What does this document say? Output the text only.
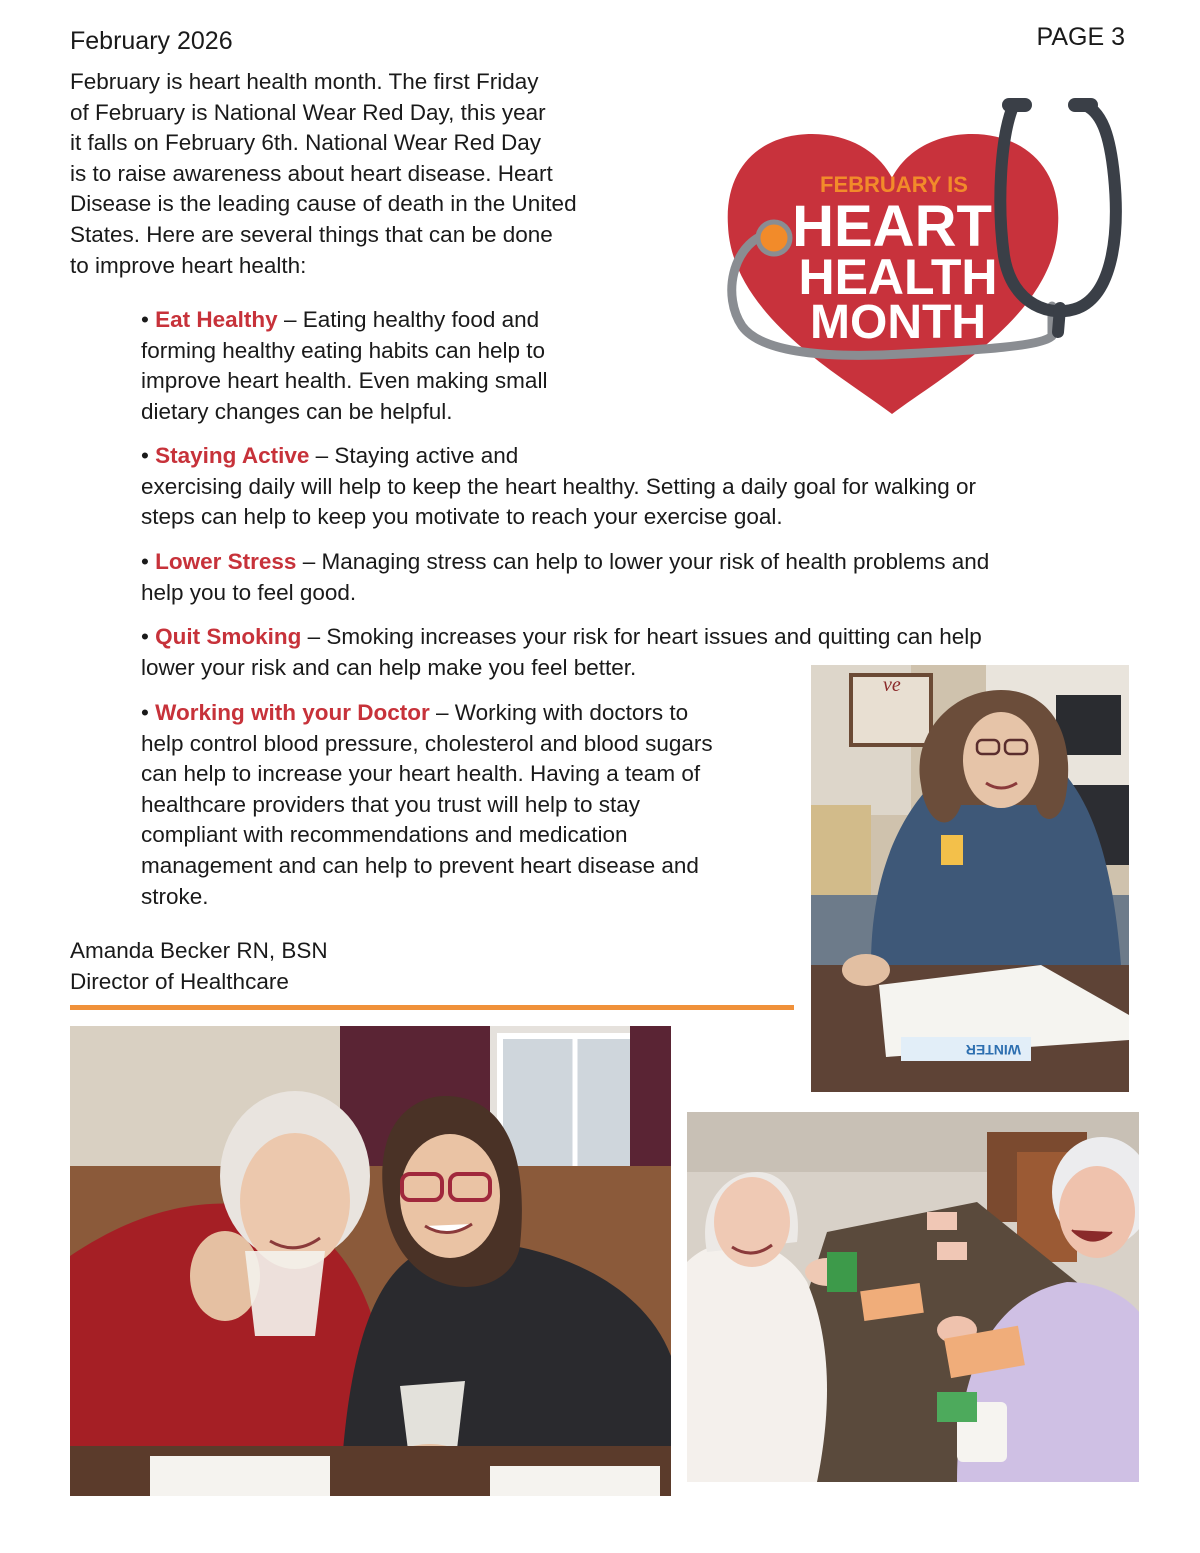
February 2026	PAGE 3

February is heart health month. The first Friday

of February is National Wear Red Day, this year

it falls on February 6th. National Wear Red Day

is to raise awareness about heart disease. Heart

Disease is the leading cause of death in the United

States. Here are several things that can be done

to improve heart health:

FEBRUARY IS
HEART
HEALTH
MONTH
• Eat Healthy – Eating healthy food and
forming healthy eating habits can help to
improve heart health. Even making small
dietary changes can be helpful.
• Staying Active – Staying active and
exercising daily will help to keep the heart healthy. Setting a daily goal for walking or
steps can help to keep you motivate to reach your exercise goal.
• Lower Stress – Managing stress can help to lower your risk of health problems and
help you to feel good.
• Quit Smoking – Smoking increases your risk for heart issues and quitting can help
lower your risk and can help make you feel better.
• Working with your Doctor – Working with doctors to
help control blood pressure, cholesterol and blood sugars
can help to increase your heart health. Having a team of
healthcare providers that you trust will help to stay
compliant with recommendations and medication
management and can help to prevent heart disease and
stroke.
Amanda Becker RN, BSN
Director of Healthcare
ve
WINTER
